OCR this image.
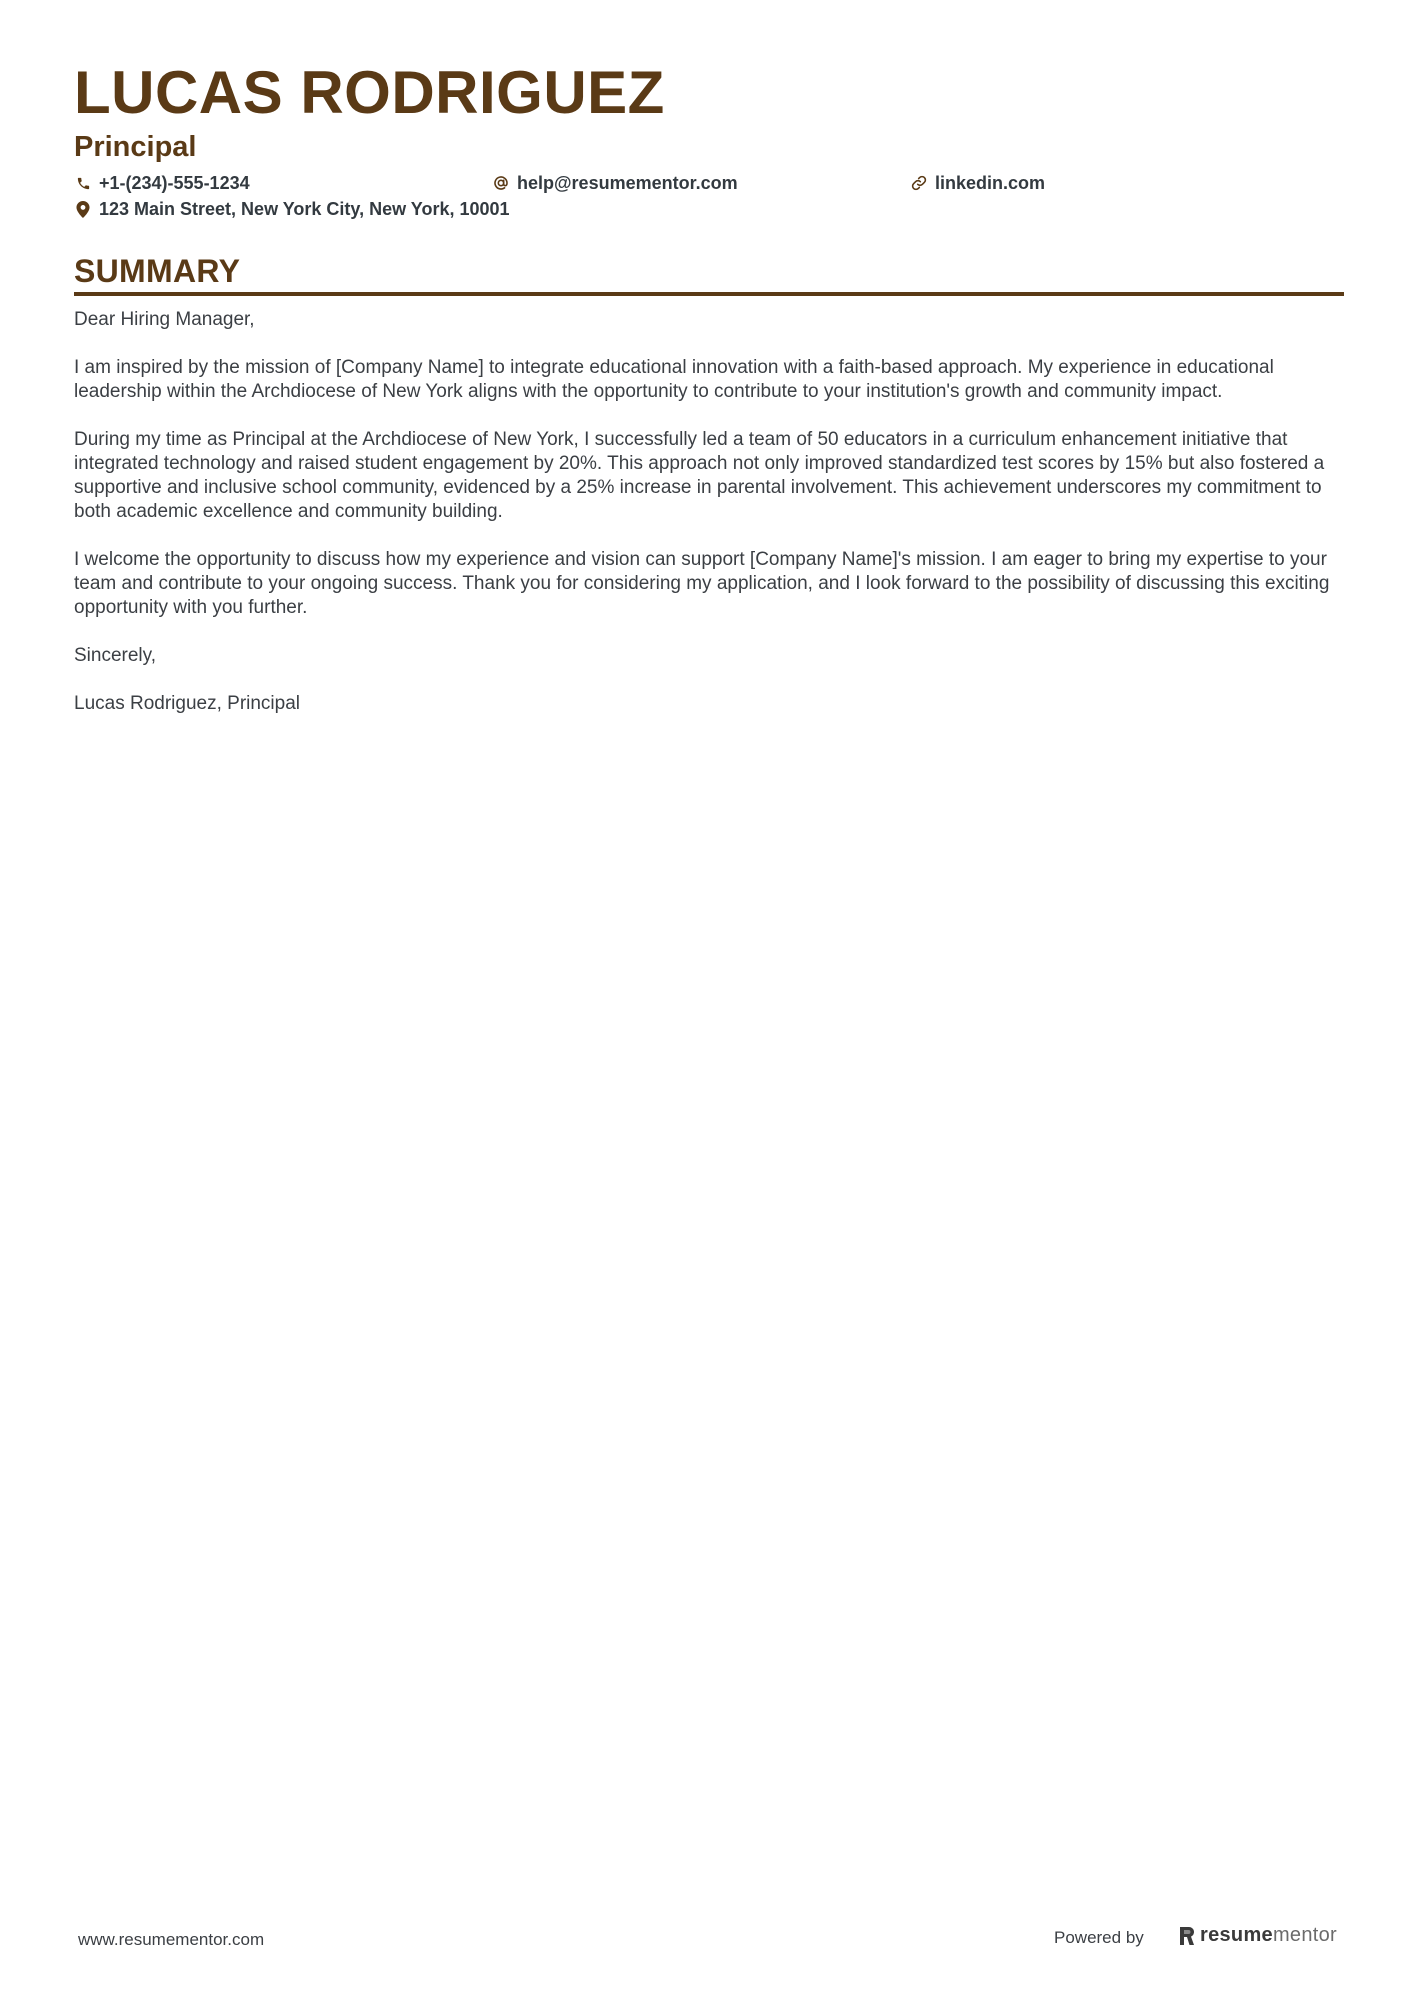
LUCAS RODRIGUEZ
Principal
+1-(234)-555-1234	help@resumementor.com	linkedin.com
123 Main Street, New York City, New York, 10001
SUMMARY

Dear Hiring Manager,

I am inspired by the mission of [Company Name] to integrate educational innovation with a faith-based approach. My experience in educational leadership within the Archdiocese of New York aligns with the opportunity to contribute to your institution's growth and community impact.

During my time as Principal at the Archdiocese of New York, I successfully led a team of 50 educators in a curriculum enhancement initiative that integrated technology and raised student engagement by 20%. This approach not only improved standardized test scores by 15% but also fostered a supportive and inclusive school community, evidenced by a 25% increase in parental involvement. This achievement underscores my commitment to both academic excellence and community building.

I welcome the opportunity to discuss how my experience and vision can support [Company Name]'s mission. I am eager to bring my expertise to your team and contribute to your ongoing success. Thank you for considering my application, and I look forward to the possibility of discussing this exciting opportunity with you further.

Sincerely,

Lucas Rodriguez, Principal

www.resumementor.com	Powered by	resumementor
